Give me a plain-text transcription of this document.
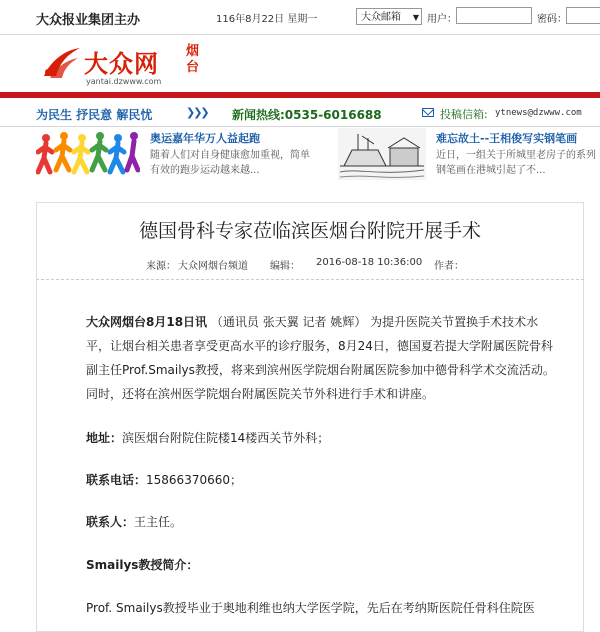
大众报业集团主办	116年8月22日 星期一	大众邮箱 ▼ 用户：	密码：
大众网 烟台
yantai.dzwww.com
为民生 抒民意 解民忧	❯❯❯ 新闻热线:0535-6016688	投稿信箱: ytnews@dzwww.com
奥运嘉年华万人益起跑
随着人们对自身健康愈加重视，简单有效的跑步运动越来越...
难忘故土--王相俊写实钢笔画
近日，一组关于所城里老房子的系列钢笔画在港城引起了不...
德国骨科专家莅临滨医烟台附院开展手术
来源： 大众网烟台频道 编辑： 2016-08-18 10:36:00 作者：
大众网烟台8月18日讯 （通讯员 张天翼 记者 姚辉） 为提升医院关节置换手术技术水平，让烟台相关患者享受更高水平的诊疗服务，8月24日，德国夏若提大学附属医院骨科副主任Prof.Smailys教授，将来到滨州医学院烟台附属医院参加中德骨科学术交流活动。同时，还将在滨州医学院烟台附属医院关节外科进行手术和讲座。
地址：滨医烟台附院住院楼14楼西关节外科；
联系电话：15866370660；
联系人：王主任。
Smailys教授简介：
Prof. Smailys教授毕业于奥地利维也纳大学医学院，先后在考纳斯医院任骨科住院医
